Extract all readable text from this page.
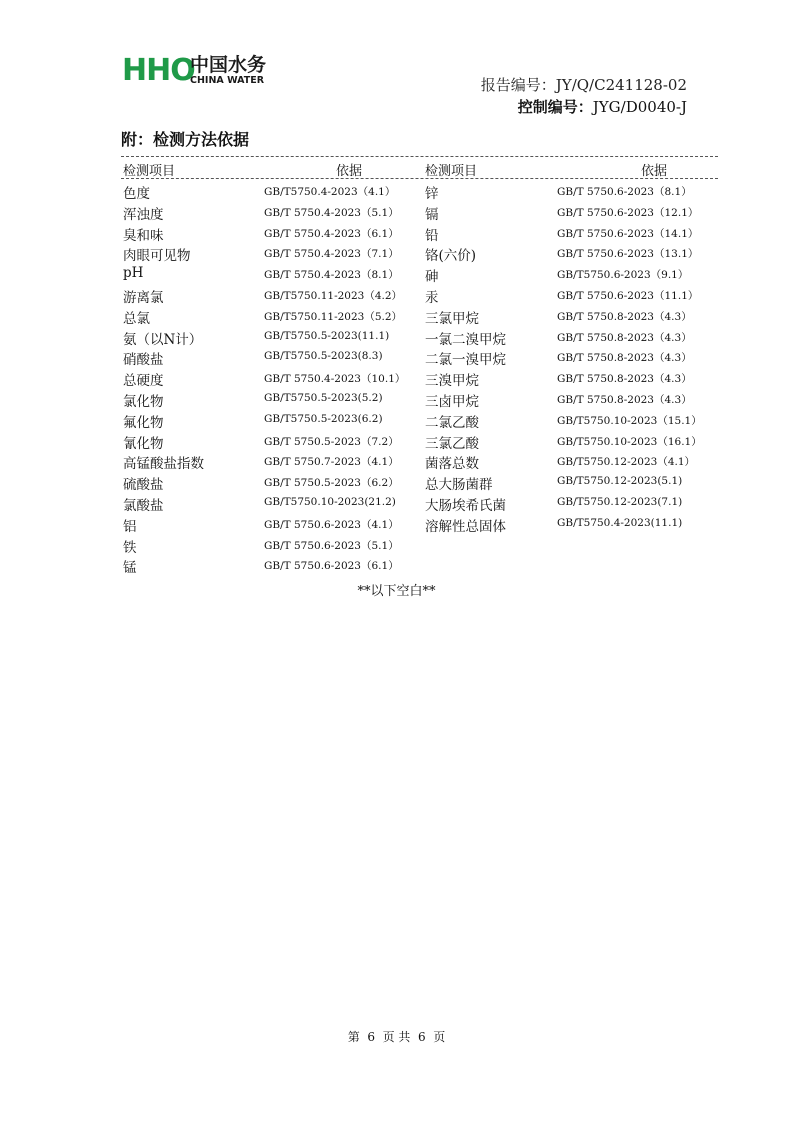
HHO
中国水务
CHINA WATER	报告编号：JY/Q/C241128-02
控制编号：JYG/D0040-J
附：检测方法依据
检测项目	依据	检测项目	依据
色度	GB/T5750.4-2023（4.1） 锌	GB/T 5750.6-2023（8.1）
浑浊度	GB/T 5750.4-2023（5.1） 镉	GB/T 5750.6-2023（12.1）
臭和味	GB/T 5750.4-2023（6.1） 铅	GB/T 5750.6-2023（14.1）
肉眼可见物	GB/T 5750.4-2023（7.1） 铬(六价)	GB/T 5750.6-2023（13.1）
pH	GB/T 5750.4-2023（8.1） 砷	GB/T5750.6-2023（9.1）
游离氯	GB/T5750.11-2023（4.2） 汞	GB/T 5750.6-2023（11.1）
总氯	GB/T5750.11-2023（5.2） 三氯甲烷	GB/T 5750.8-2023（4.3）
氨（以N计）	GB/T5750.5-2023(11.1)	一氯二溴甲烷	GB/T 5750.8-2023（4.3）
硝酸盐	GB/T5750.5-2023(8.3)	二氯一溴甲烷	GB/T 5750.8-2023（4.3）
总硬度	GB/T 5750.4-2023（10.1） 三溴甲烷	GB/T 5750.8-2023（4.3）
氯化物	GB/T5750.5-2023(5.2)	三卤甲烷	GB/T 5750.8-2023（4.3）
氟化物	GB/T5750.5-2023(6.2)	二氯乙酸	GB/T5750.10-2023（15.1）
氰化物	GB/T 5750.5-2023（7.2） 三氯乙酸	GB/T5750.10-2023（16.1）
高锰酸盐指数	GB/T 5750.7-2023（4.1） 菌落总数	GB/T5750.12-2023（4.1）
硫酸盐	GB/T 5750.5-2023（6.2） 总大肠菌群	GB/T5750.12-2023(5.1)
氯酸盐	GB/T5750.10-2023(21.2) 大肠埃希氏菌	GB/T5750.12-2023(7.1)
铝	GB/T 5750.6-2023（4.1） 溶解性总固体	GB/T5750.4-2023(11.1)
铁	GB/T 5750.6-2023（5.1）
锰	GB/T 5750.6-2023（6.1）
**以下空白**
第  6  页 共  6  页
